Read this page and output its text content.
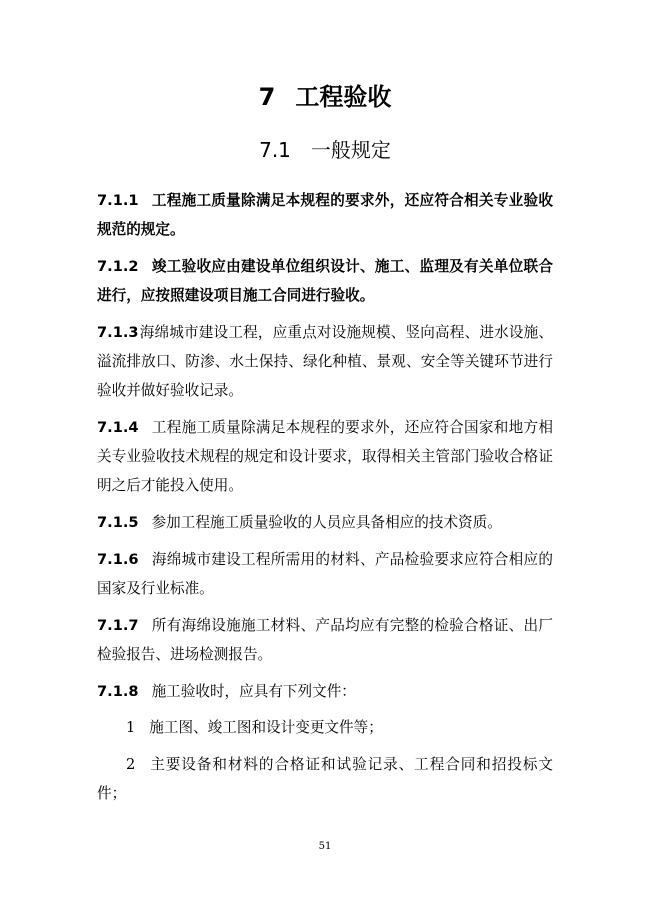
7 工程验收
7.1 一般规定

7.1.1 工程施工质量除满足本规程的要求外，还应符合相关专业验收规范的规定。

7.1.2 竣工验收应由建设单位组织设计、施工、监理及有关单位联合进行，应按照建设项目施工合同进行验收。

7.1.3海绵城市建设工程，应重点对设施规模、竖向高程、进水设施、溢流排放口、防渗、水土保持、绿化种植、景观、安全等关键环节进行验收并做好验收记录。

7.1.4 工程施工质量除满足本规程的要求外，还应符合国家和地方相关专业验收技术规程的规定和设计要求，取得相关主管部门验收合格证明之后才能投入使用。

7.1.5 参加工程施工质量验收的人员应具备相应的技术资质。

7.1.6 海绵城市建设工程所需用的材料、产品检验要求应符合相应的国家及行业标准。

7.1.7 所有海绵设施施工材料、产品均应有完整的检验合格证、出厂检验报告、进场检测报告。

7.1.8 施工验收时，应具有下列文件：

1 施工图、竣工图和设计变更文件等；

2 主要设备和材料的合格证和试验记录、工程合同和招投标文件；

51
